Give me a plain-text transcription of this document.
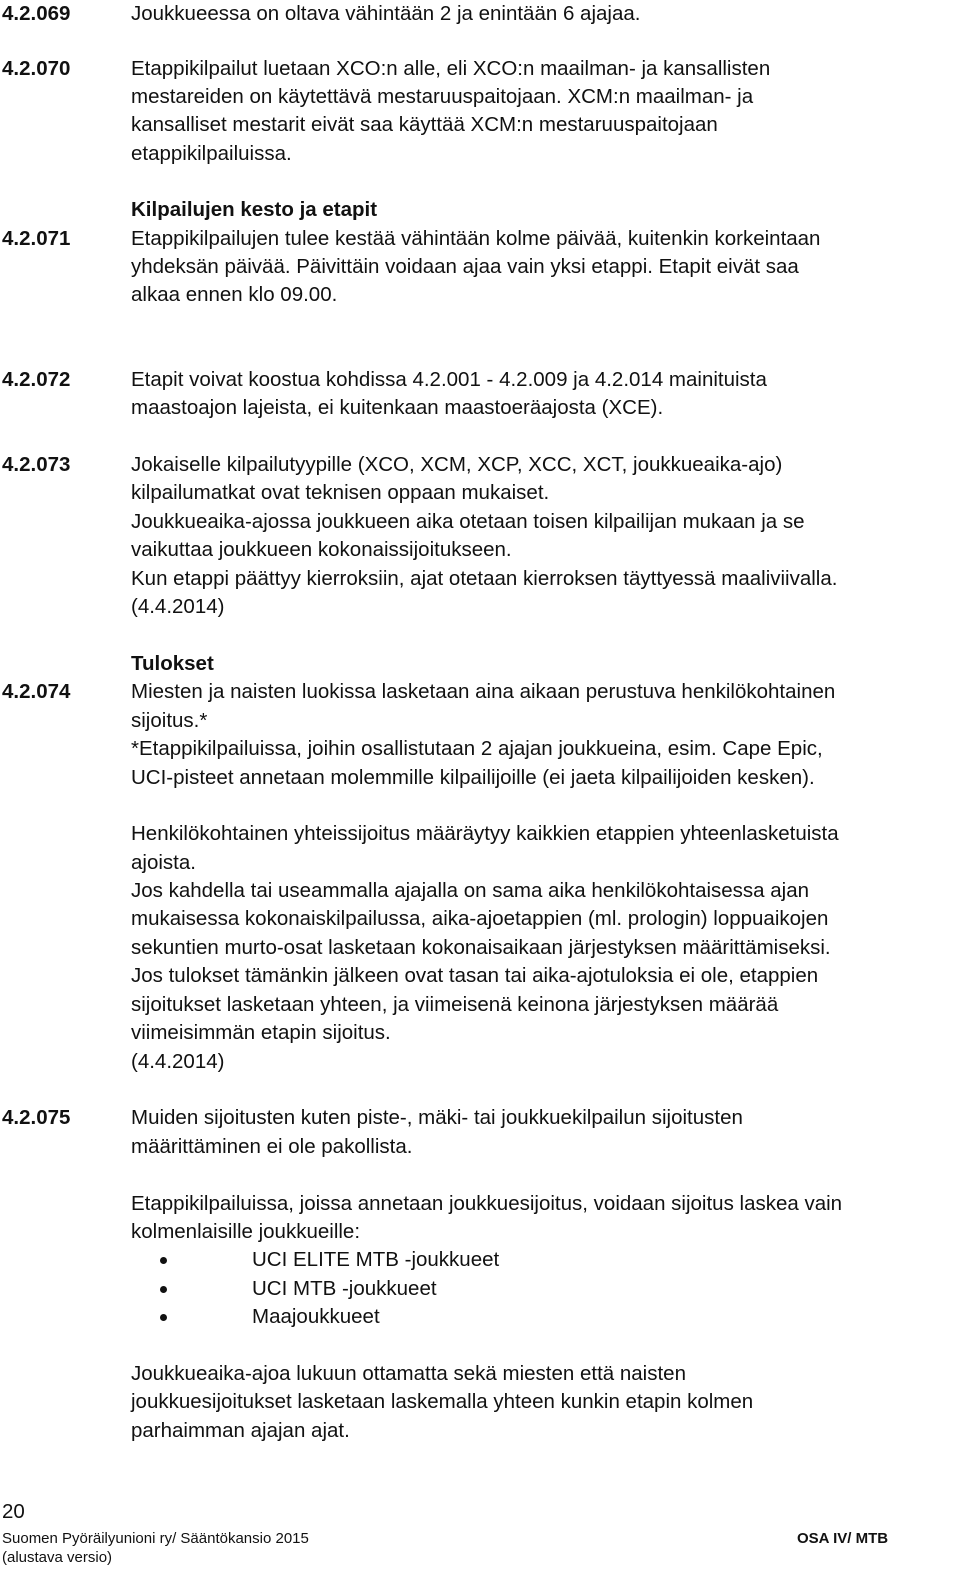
4.2.069	Joukkueessa on oltava vähintään 2 ja enintään 6 ajajaa.
4.2.070	Etappikilpailut luetaan XCO:n alle, eli XCO:n maailman- ja kansallisten
mestareiden on käytettävä mestaruuspaitojaan. XCM:n maailman- ja
kansalliset mestarit eivät saa käyttää XCM:n mestaruuspaitojaan
etappikilpailuissa.
Kilpailujen kesto ja etapit
4.2.071	Etappikilpailujen tulee kestää vähintään kolme päivää, kuitenkin korkeintaan
yhdeksän päivää. Päivittäin voidaan ajaa vain yksi etappi. Etapit eivät saa
alkaa ennen klo 09.00.
4.2.072	Etapit voivat koostua kohdissa 4.2.001 - 4.2.009 ja 4.2.014 mainituista
maastoajon lajeista, ei kuitenkaan maastoeräajosta (XCE).
4.2.073	Jokaiselle kilpailutyypille (XCO, XCM, XCP, XCC, XCT, joukkueaika-ajo)
kilpailumatkat ovat teknisen oppaan mukaiset.
Joukkueaika-ajossa joukkueen aika otetaan toisen kilpailijan mukaan ja se
vaikuttaa joukkueen kokonaissijoitukseen.
Kun etappi päättyy kierroksiin, ajat otetaan kierroksen täyttyessä maaliviivalla.
(4.4.2014)
Tulokset
4.2.074	Miesten ja naisten luokissa lasketaan aina aikaan perustuva henkilökohtainen
sijoitus.*
*Etappikilpailuissa, joihin osallistutaan 2 ajajan joukkueina, esim. Cape Epic,
UCI-pisteet annetaan molemmille kilpailijoille (ei jaeta kilpailijoiden kesken).
Henkilökohtainen yhteissijoitus määräytyy kaikkien etappien yhteenlasketuista
ajoista.
Jos kahdella tai useammalla ajajalla on sama aika henkilökohtaisessa ajan
mukaisessa kokonaiskilpailussa, aika-ajoetappien (ml. prologin) loppuaikojen
sekuntien murto-osat lasketaan kokonaisaikaan järjestyksen määrittämiseksi.
Jos tulokset tämänkin jälkeen ovat tasan tai aika-ajotuloksia ei ole, etappien
sijoitukset lasketaan yhteen, ja viimeisenä keinona järjestyksen määrää
viimeisimmän etapin sijoitus.
(4.4.2014)
4.2.075	Muiden sijoitusten kuten piste-, mäki- tai joukkuekilpailun sijoitusten
määrittäminen ei ole pakollista.
Etappikilpailuissa, joissa annetaan joukkuesijoitus, voidaan sijoitus laskea vain
kolmenlaisille joukkueille:
UCI ELITE MTB -joukkueet
UCI MTB -joukkueet
Maajoukkueet
Joukkueaika-ajoa lukuun ottamatta sekä miesten että naisten
joukkuesijoitukset lasketaan laskemalla yhteen kunkin etapin kolmen
parhaimman ajajan ajat.
20
Suomen Pyöräilyunioni ry/ Sääntökansio 2015
(alustava versio)
OSA IV/ MTB
